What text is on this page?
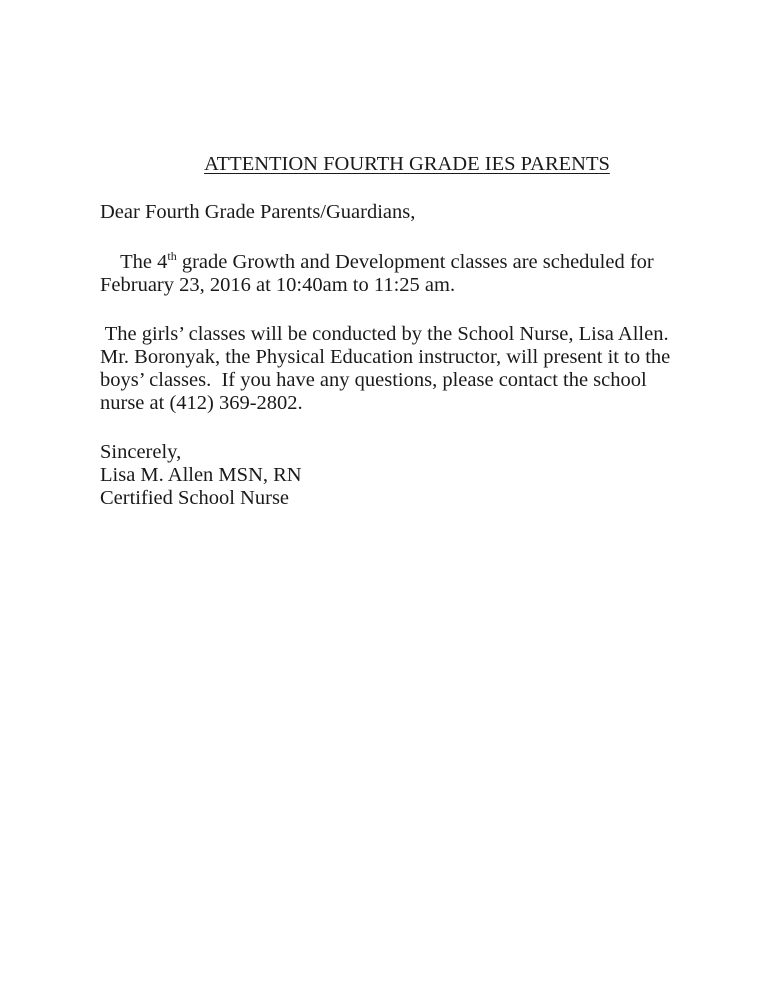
ATTENTION FOURTH GRADE IES PARENTS
Dear Fourth Grade Parents/Guardians,
The 4th grade Growth and Development classes are scheduled for
February 23, 2016 at 10:40am to 11:25 am.
The girls’ classes will be conducted by the School Nurse, Lisa Allen.
Mr. Boronyak, the Physical Education instructor, will present it to the
boys’ classes.  If you have any questions, please contact the school
nurse at (412) 369-2802.
Sincerely,
Lisa M. Allen MSN, RN
Certified School Nurse
